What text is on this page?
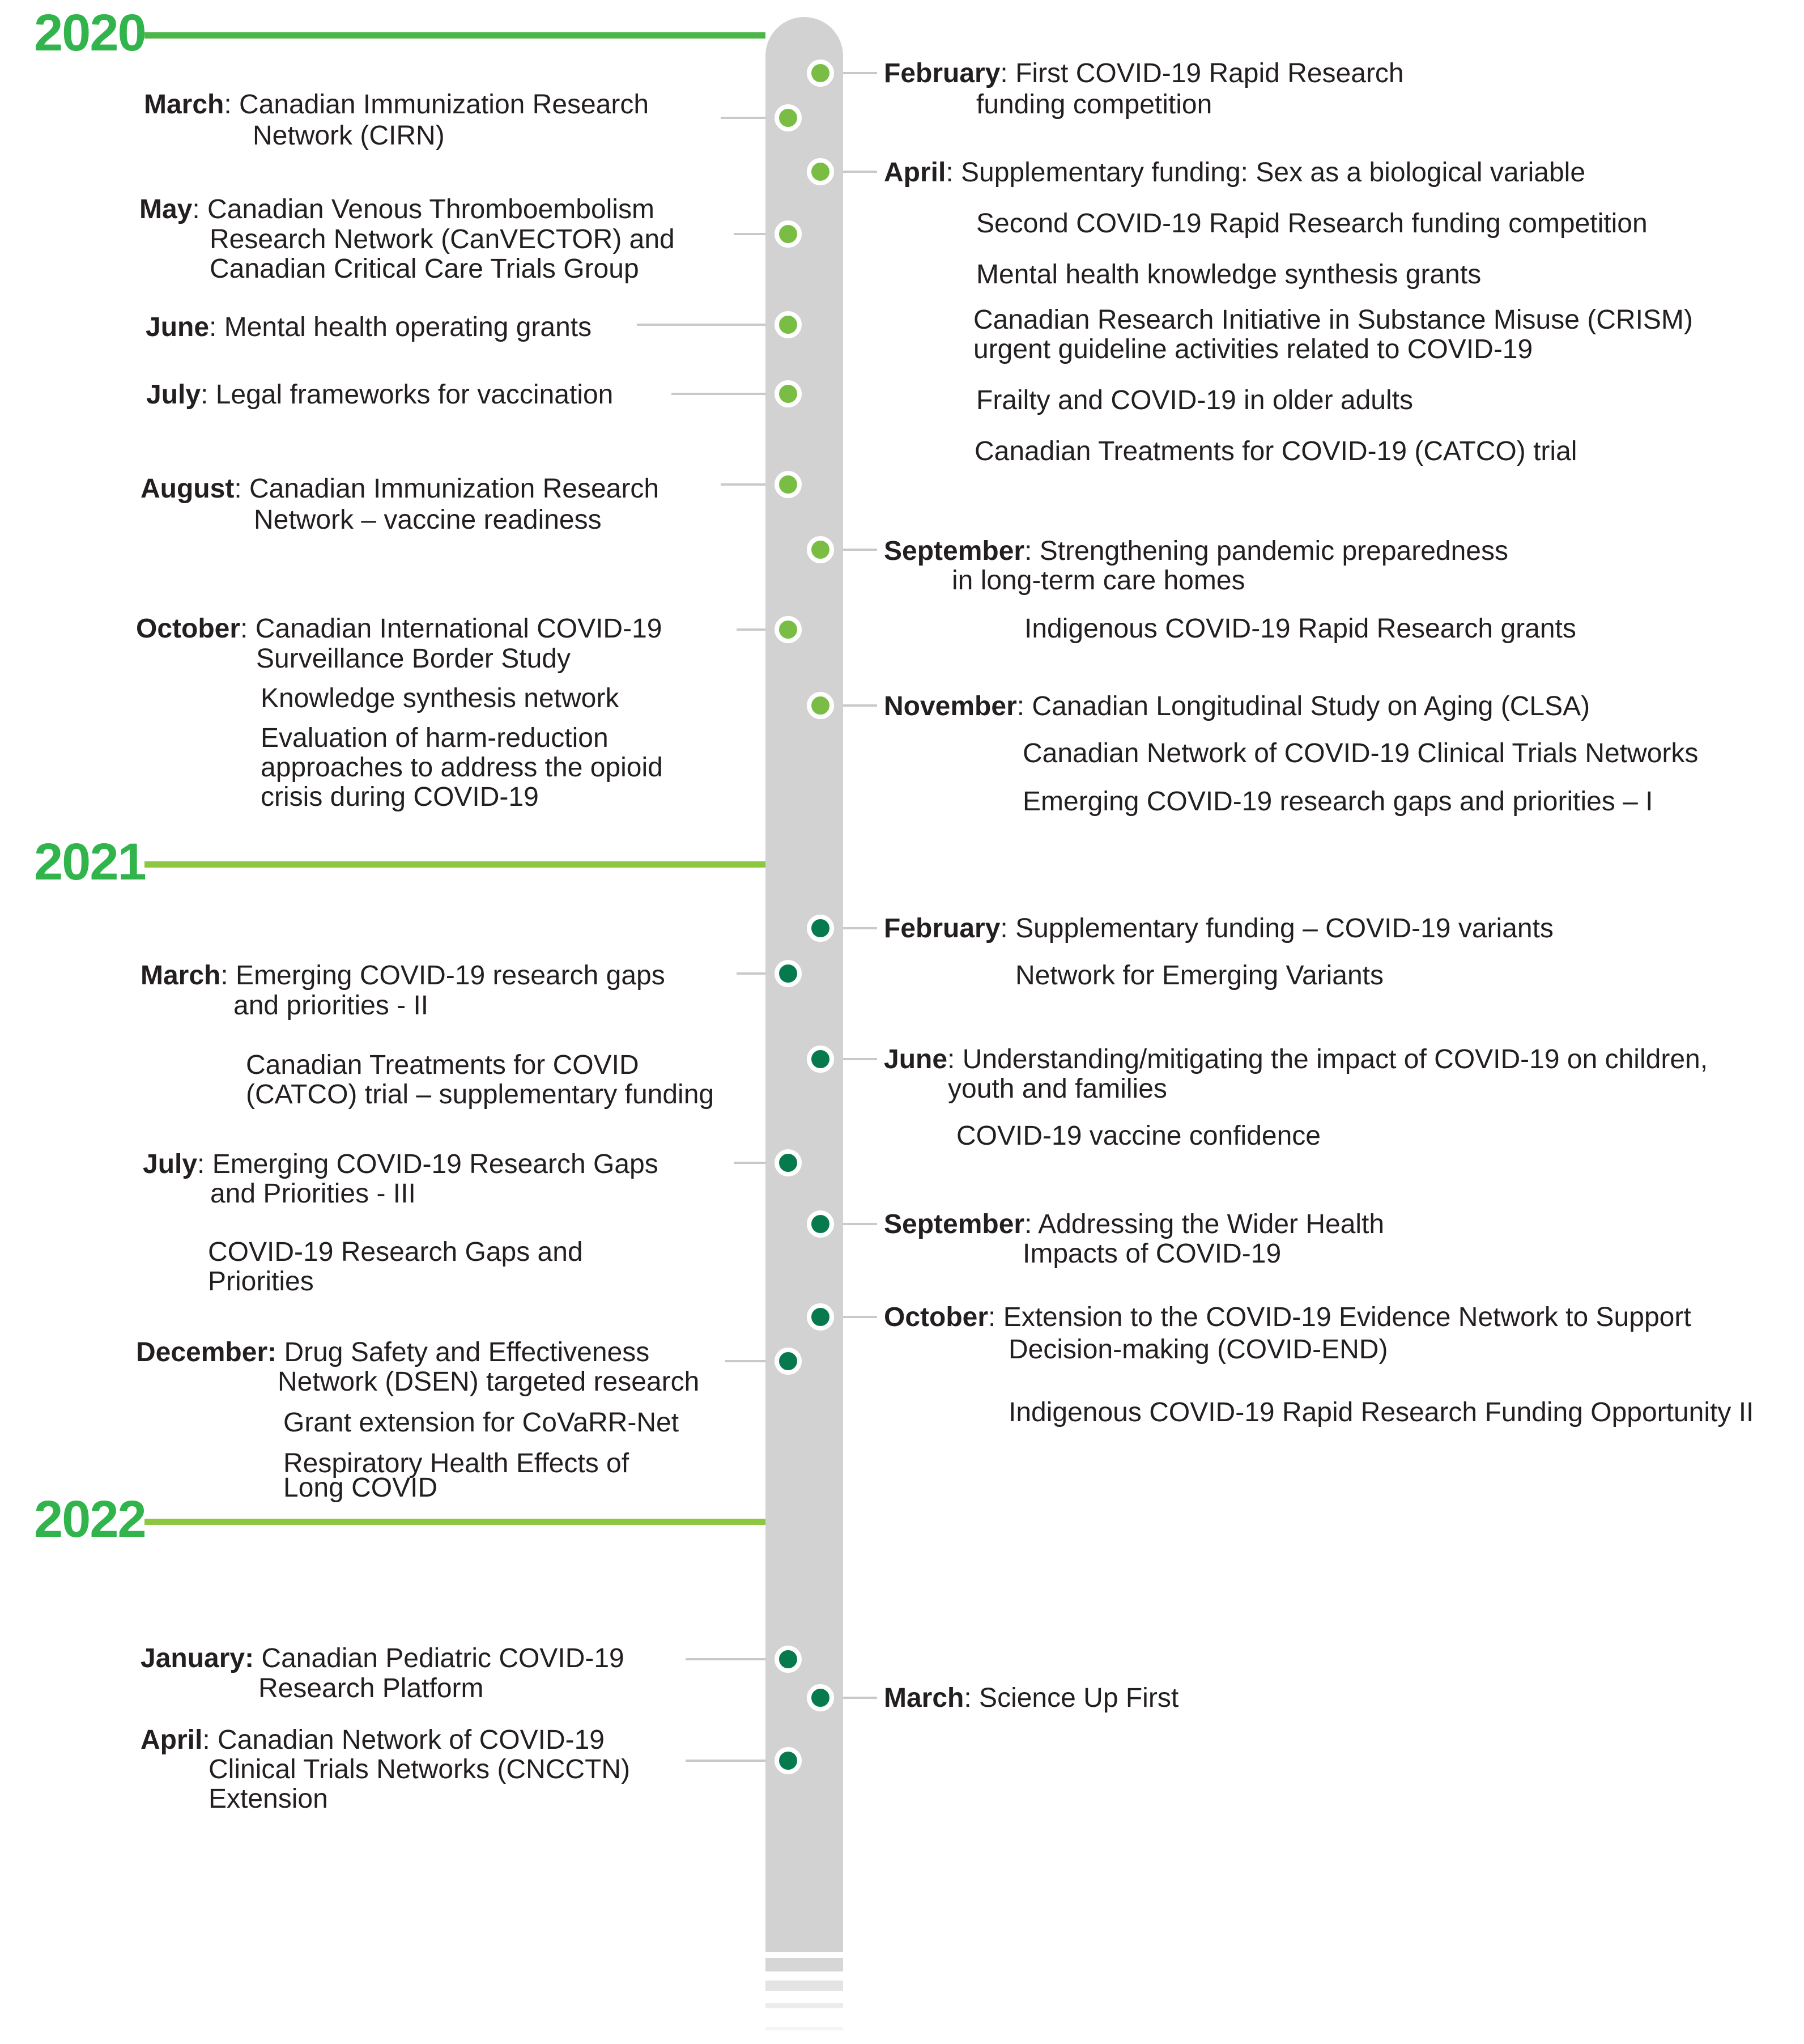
2020
2021
2022
February: First COVID-19 Rapid Research
funding competition
March: Canadian Immunization Research
Network (CIRN)
April: Supplementary funding: Sex as a biological variable
Second COVID-19 Rapid Research funding competition
Mental health knowledge synthesis grants
Canadian Research Initiative in Substance Misuse (CRISM)
urgent guideline activities related to COVID-19
Frailty and COVID-19 in older adults
Canadian Treatments for COVID-19 (CATCO) trial
May: Canadian Venous Thromboembolism
Research Network (CanVECTOR) and
Canadian Critical Care Trials Group
June: Mental health operating grants
July: Legal frameworks for vaccination
August: Canadian Immunization Research
Network – vaccine readiness
September: Strengthening pandemic preparedness
in long-term care homes
Indigenous COVID-19 Rapid Research grants
October: Canadian International COVID-19
Surveillance Border Study
Knowledge synthesis network
Evaluation of harm-reduction
approaches to address the opioid
crisis during COVID-19
November: Canadian Longitudinal Study on Aging (CLSA)
Canadian Network of COVID-19 Clinical Trials Networks
Emerging COVID-19 research gaps and priorities – I
February: Supplementary funding – COVID-19 variants
Network for Emerging Variants
March: Emerging COVID-19 research gaps
and priorities - II
Canadian Treatments for COVID
(CATCO) trial – supplementary funding
June: Understanding/mitigating the impact of COVID-19 on children,
youth and families
COVID-19 vaccine confidence
July: Emerging COVID-19 Research Gaps
and Priorities - III
COVID-19 Research Gaps and
Priorities
September: Addressing the Wider Health
Impacts of COVID-19
October: Extension to the COVID-19 Evidence Network to Support
Decision-making (COVID-END)
Indigenous COVID-19 Rapid Research Funding Opportunity II
December: Drug Safety and Effectiveness
Network (DSEN) targeted research
Grant extension for CoVaRR-Net
Respiratory Health Effects of
Long COVID
January: Canadian Pediatric COVID-19
Research Platform	March: Science Up First
April: Canadian Network of COVID-19
Clinical Trials Networks (CNCCTN)
Extension
